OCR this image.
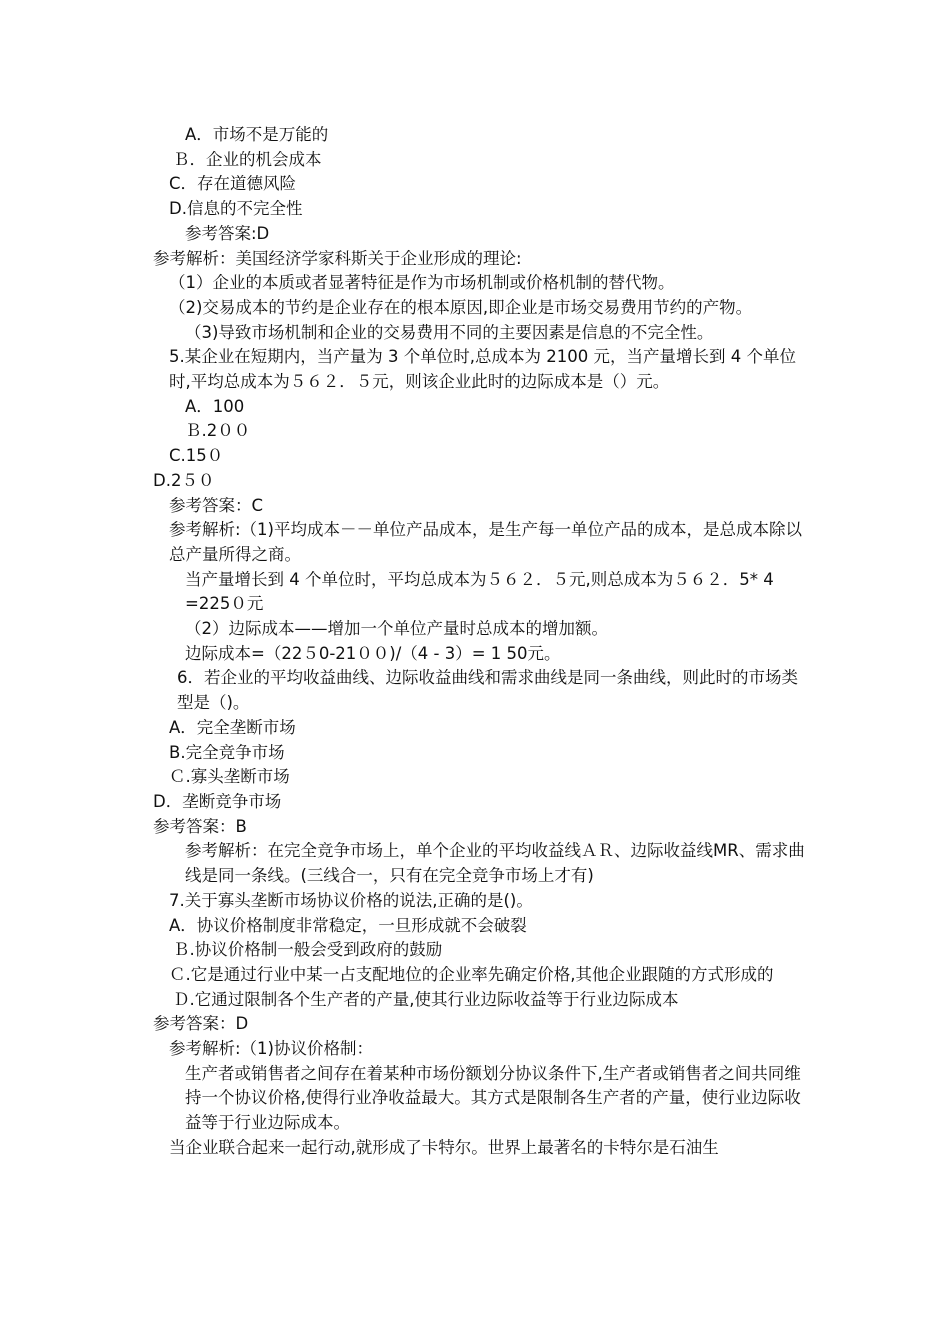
A．市场不是万能的
Ｂ．企业的机会成本
C．存在道德风险
D.信息的不完全性
参考答案:D
参考解析：美国经济学家科斯关于企业形成的理论:
（1）企业的本质或者显著特征是作为市场机制或价格机制的替代物。
（2)交易成本的节约是企业存在的根本原因,即企业是市场交易费用节约的产物。
（3)导致市场机制和企业的交易费用不同的主要因素是信息的不完全性。
5.某企业在短期内，当产量为 3 个单位时,总成本为 2100 元，当产量增长到 4 个单位时,平均总成本为５６２．５元，则该企业此时的边际成本是（）元。
A．100
Ｂ.2００
C.15０
D.2５０
参考答案：C
参考解析:（1)平均成本－－单位产品成本，是生产每一单位产品的成本，是总成本除以总产量所得之商。
当产量增长到 4 个单位时，平均总成本为５６２．５元,则总成本为５６２．5* 4 =225０元
（2）边际成本——增加一个单位产量时总成本的增加额。
边际成本=（22５0-21００)/（4 - 3）= 1 50元。
6．若企业的平均收益曲线、边际收益曲线和需求曲线是同一条曲线，则此时的市场类型是（)。
A．完全垄断市场
B.完全竞争市场
Ｃ.寡头垄断市场
D．垄断竞争市场
参考答案：B
参考解析：在完全竞争市场上，单个企业的平均收益线ＡＲ、边际收益线MR、需求曲线是同一条线。(三线合一，只有在完全竞争市场上才有)
7.关于寡头垄断市场协议价格的说法,正确的是()。
A．协议价格制度非常稳定，一旦形成就不会破裂
Ｂ.协议价格制一般会受到政府的鼓励
Ｃ.它是通过行业中某一占支配地位的企业率先确定价格,其他企业跟随的方式形成的
Ｄ.它通过限制各个生产者的产量,使其行业边际收益等于行业边际成本
参考答案：D
参考解析:（1)协议价格制：
生产者或销售者之间存在着某种市场份额划分协议条件下,生产者或销售者之间共同维持一个协议价格,使得行业净收益最大。其方式是限制各生产者的产量，使行业边际收益等于行业边际成本。
当企业联合起来一起行动,就形成了卡特尔。世界上最著名的卡特尔是石油生
